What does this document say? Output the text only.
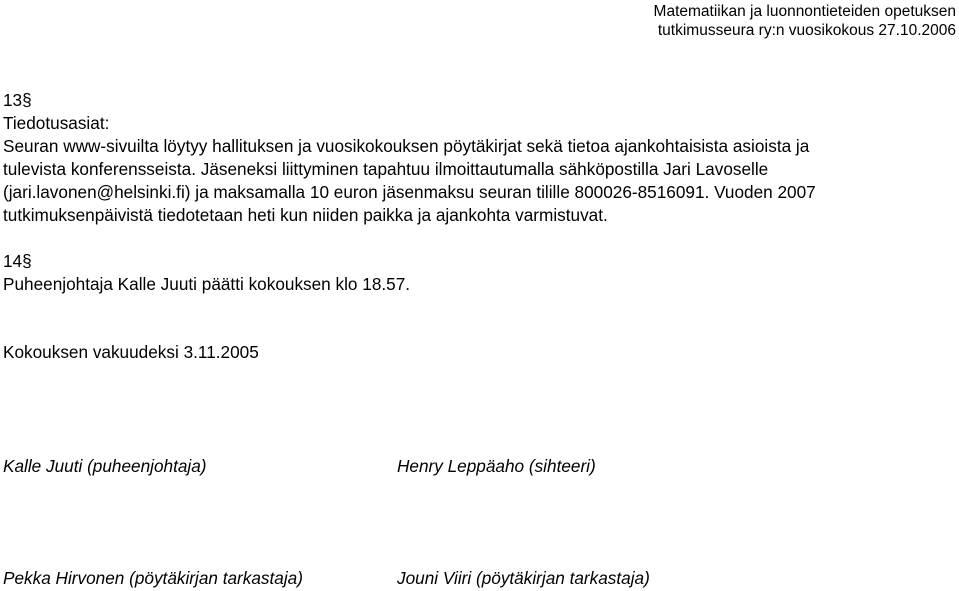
Matematiikan ja luonnontieteiden opetuksen
tutkimusseura ry:n vuosikokous 27.10.2006
13§
Tiedotusasiat:
Seuran www-sivuilta löytyy hallituksen ja vuosikokouksen pöytäkirjat sekä tietoa ajankohtaisista asioista ja
tulevista konferensseista. Jäseneksi liittyminen tapahtuu ilmoittautumalla sähköpostilla Jari Lavoselle
(jari.lavonen@helsinki.fi) ja maksamalla 10 euron jäsenmaksu seuran tilille 800026-8516091. Vuoden 2007
tutkimuksenpäivistä tiedotetaan heti kun niiden paikka ja ajankohta varmistuvat.
14§
Puheenjohtaja Kalle Juuti päätti kokouksen klo 18.57.
Kokouksen vakuudeksi 3.11.2005
Kalle Juuti (puheenjohtaja)	Henry Leppäaho (sihteeri)
Pekka Hirvonen (pöytäkirjan tarkastaja)	Jouni Viiri (pöytäkirjan tarkastaja)
